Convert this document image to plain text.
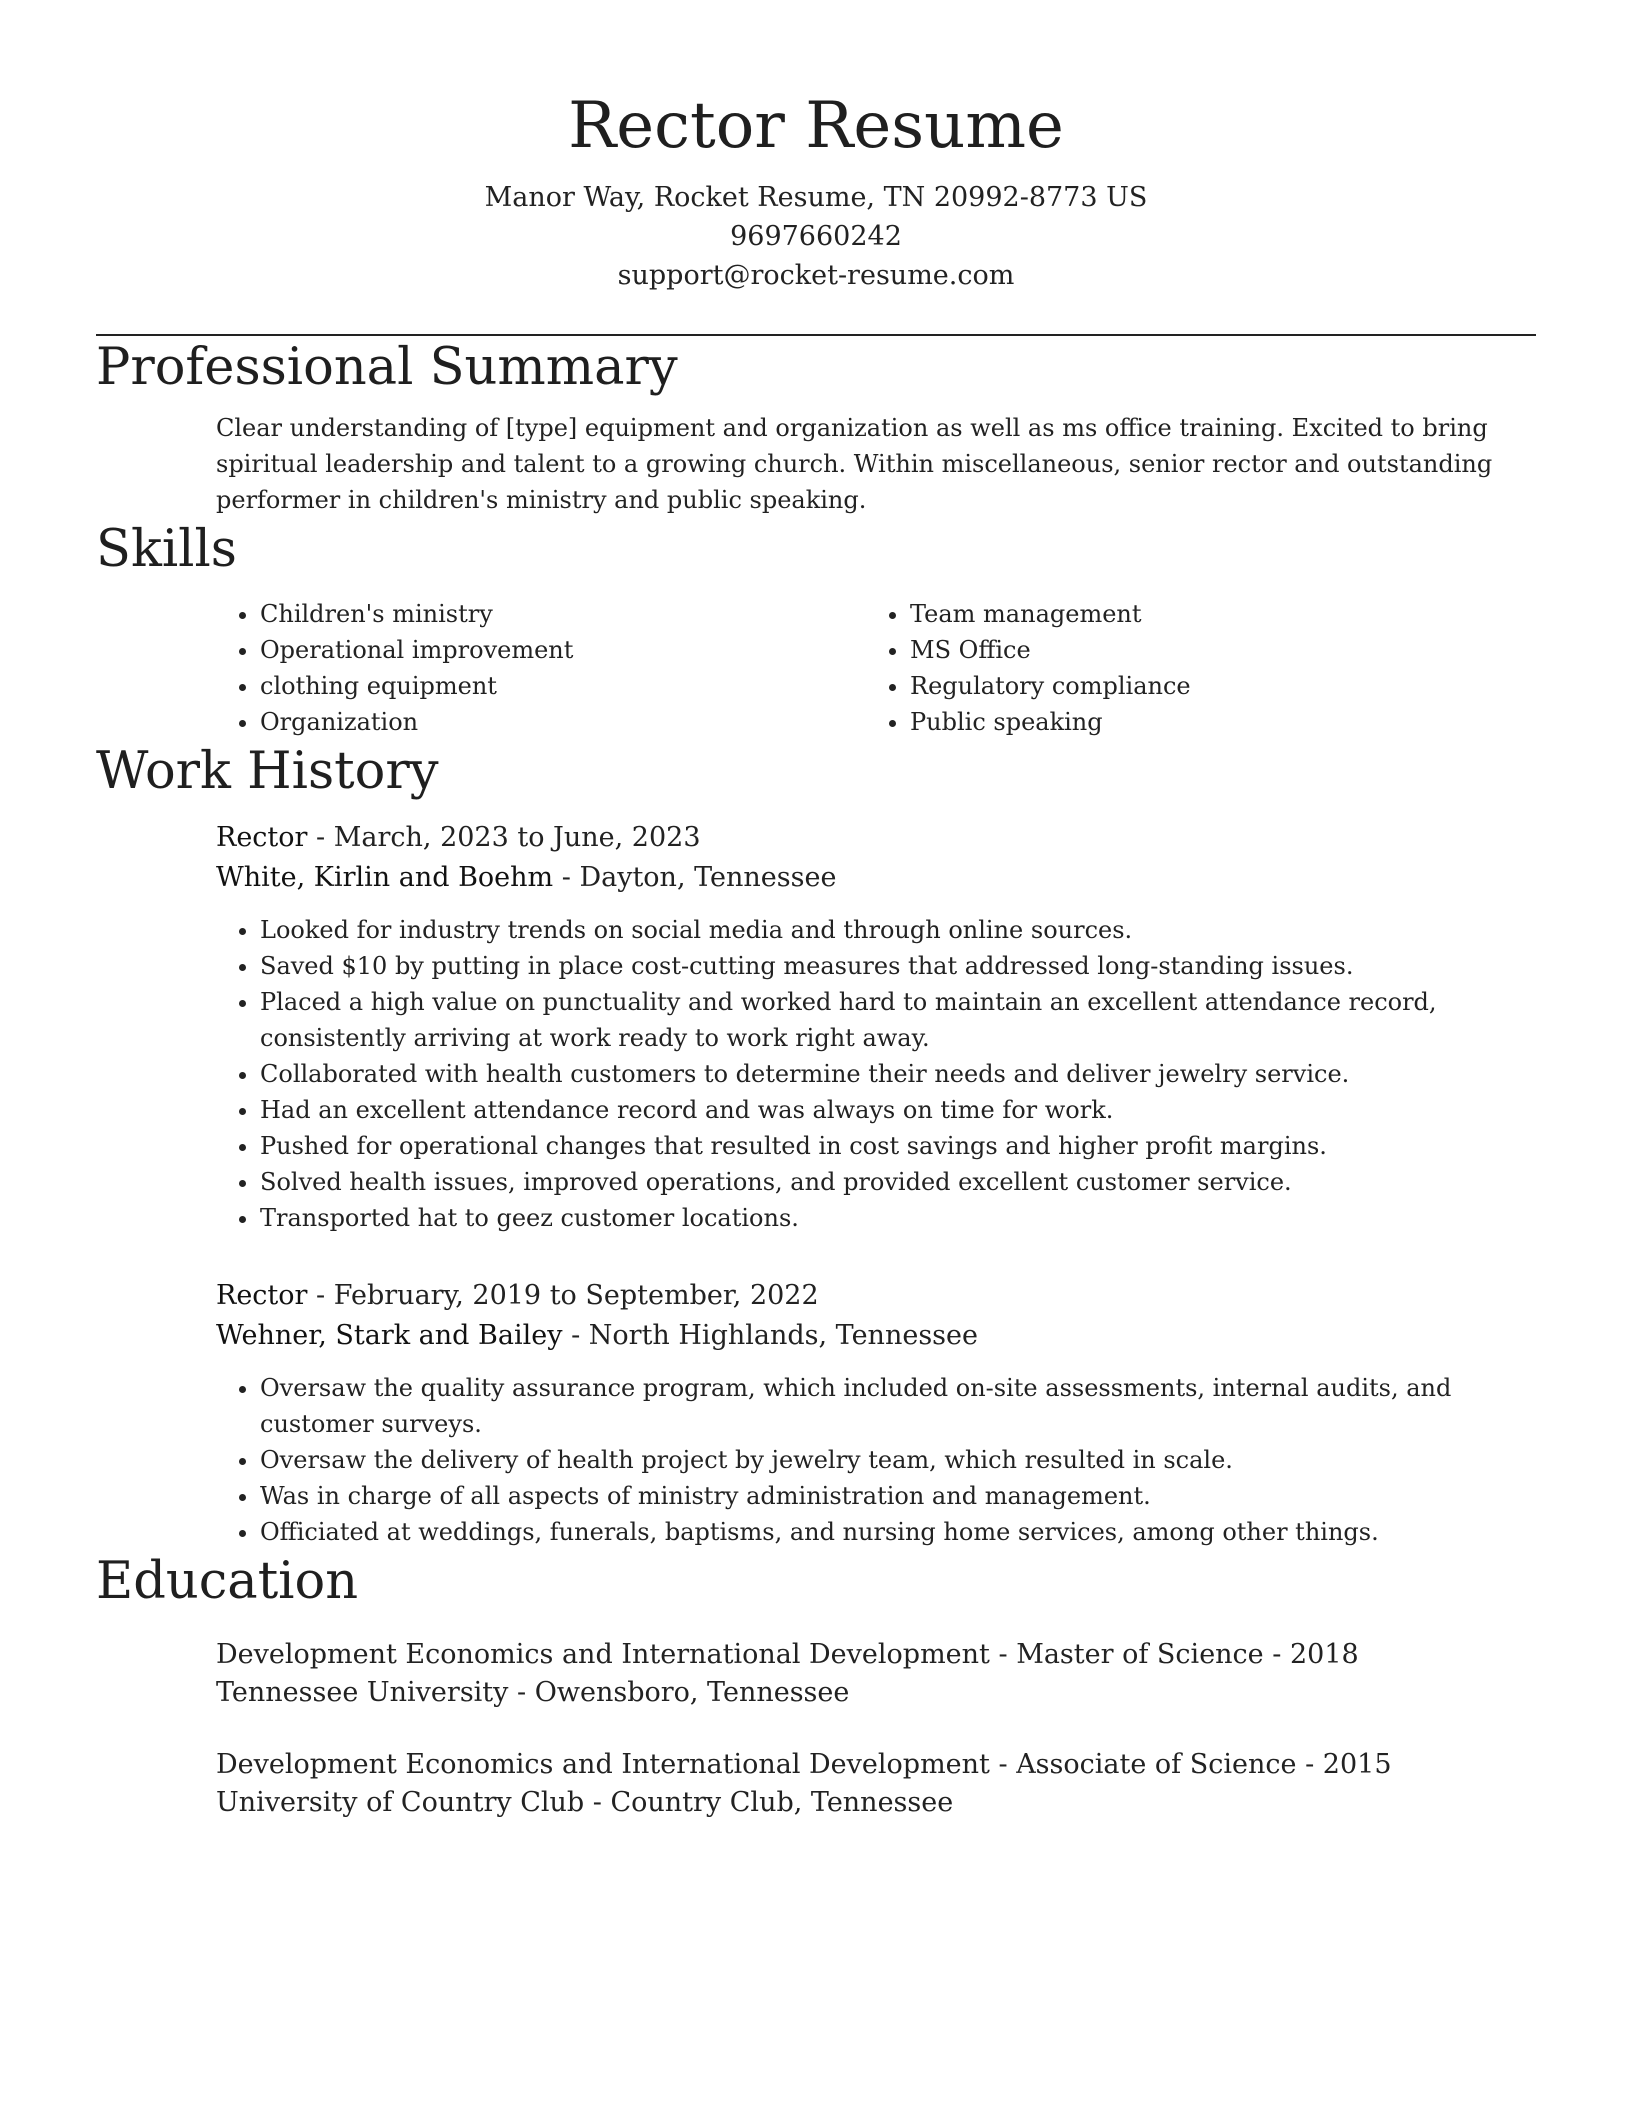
Rector Resume
Manor Way, Rocket Resume, TN 20992-8773 US
9697660242
support@rocket-resume.com
Professional Summary
Clear understanding of [type] equipment and organization as well as ms office training. Excited to bring spiritual leadership and talent to a growing church. Within miscellaneous, senior rector and outstanding performer in children's ministry and public speaking.
Skills
• Children's ministry
• Operational improvement
• clothing equipment
• Organization
• Team management
• MS Office
• Regulatory compliance
• Public speaking
Work History
Rector - March, 2023 to June, 2023
White, Kirlin and Boehm - Dayton, Tennessee
• Looked for industry trends on social media and through online sources.
• Saved $10 by putting in place cost-cutting measures that addressed long-standing issues.
• Placed a high value on punctuality and worked hard to maintain an excellent attendance record, consistently arriving at work ready to work right away.
• Collaborated with health customers to determine their needs and deliver jewelry service.
• Had an excellent attendance record and was always on time for work.
• Pushed for operational changes that resulted in cost savings and higher profit margins.
• Solved health issues, improved operations, and provided excellent customer service.
• Transported hat to geez customer locations.
Rector - February, 2019 to September, 2022
Wehner, Stark and Bailey - North Highlands, Tennessee
• Oversaw the quality assurance program, which included on-site assessments, internal audits, and customer surveys.
• Oversaw the delivery of health project by jewelry team, which resulted in scale.
• Was in charge of all aspects of ministry administration and management.
• Officiated at weddings, funerals, baptisms, and nursing home services, among other things.
Education
Development Economics and International Development - Master of Science - 2018
Tennessee University - Owensboro, Tennessee
Development Economics and International Development - Associate of Science - 2015
University of Country Club - Country Club, Tennessee
